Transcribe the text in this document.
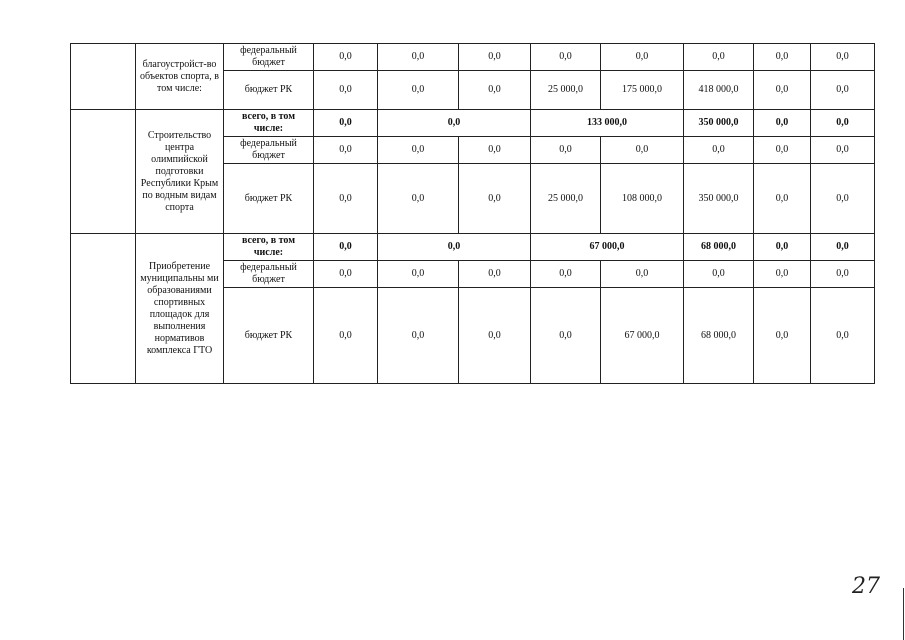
	благоустройст-во объектов спорта, в том числе:	федеральный бюджет	0,0	0,0	0,0	0,0	0,0	0,0	0,0	0,0
		бюджет РК	0,0	0,0	0,0	25 000,0	175 000,0	418 000,0	0,0	0,0
	Строительство центра олимпийской подготовки Республики Крым по водным видам спорта	всего, в том числе:	0,0	0,0		133 000,0		350 000,0	0,0	0,0
		федеральный бюджет	0,0	0,0	0,0	0,0	0,0	0,0	0,0	0,0
		бюджет РК	0,0	0,0	0,0	25 000,0	108 000,0	350 000,0	0,0	0,0
	Приобретение муниципальны ми образованиями спортивных площадок для выполнения нормативов комплекса ГТО	всего, в том числе:	0,0	0,0		67 000,0		68 000,0	0,0	0,0
		федеральный бюджет	0,0	0,0	0,0	0,0	0,0	0,0	0,0	0,0
		бюджет РК	0,0	0,0	0,0	0,0	67 000,0	68 000,0	0,0	0,0
27
